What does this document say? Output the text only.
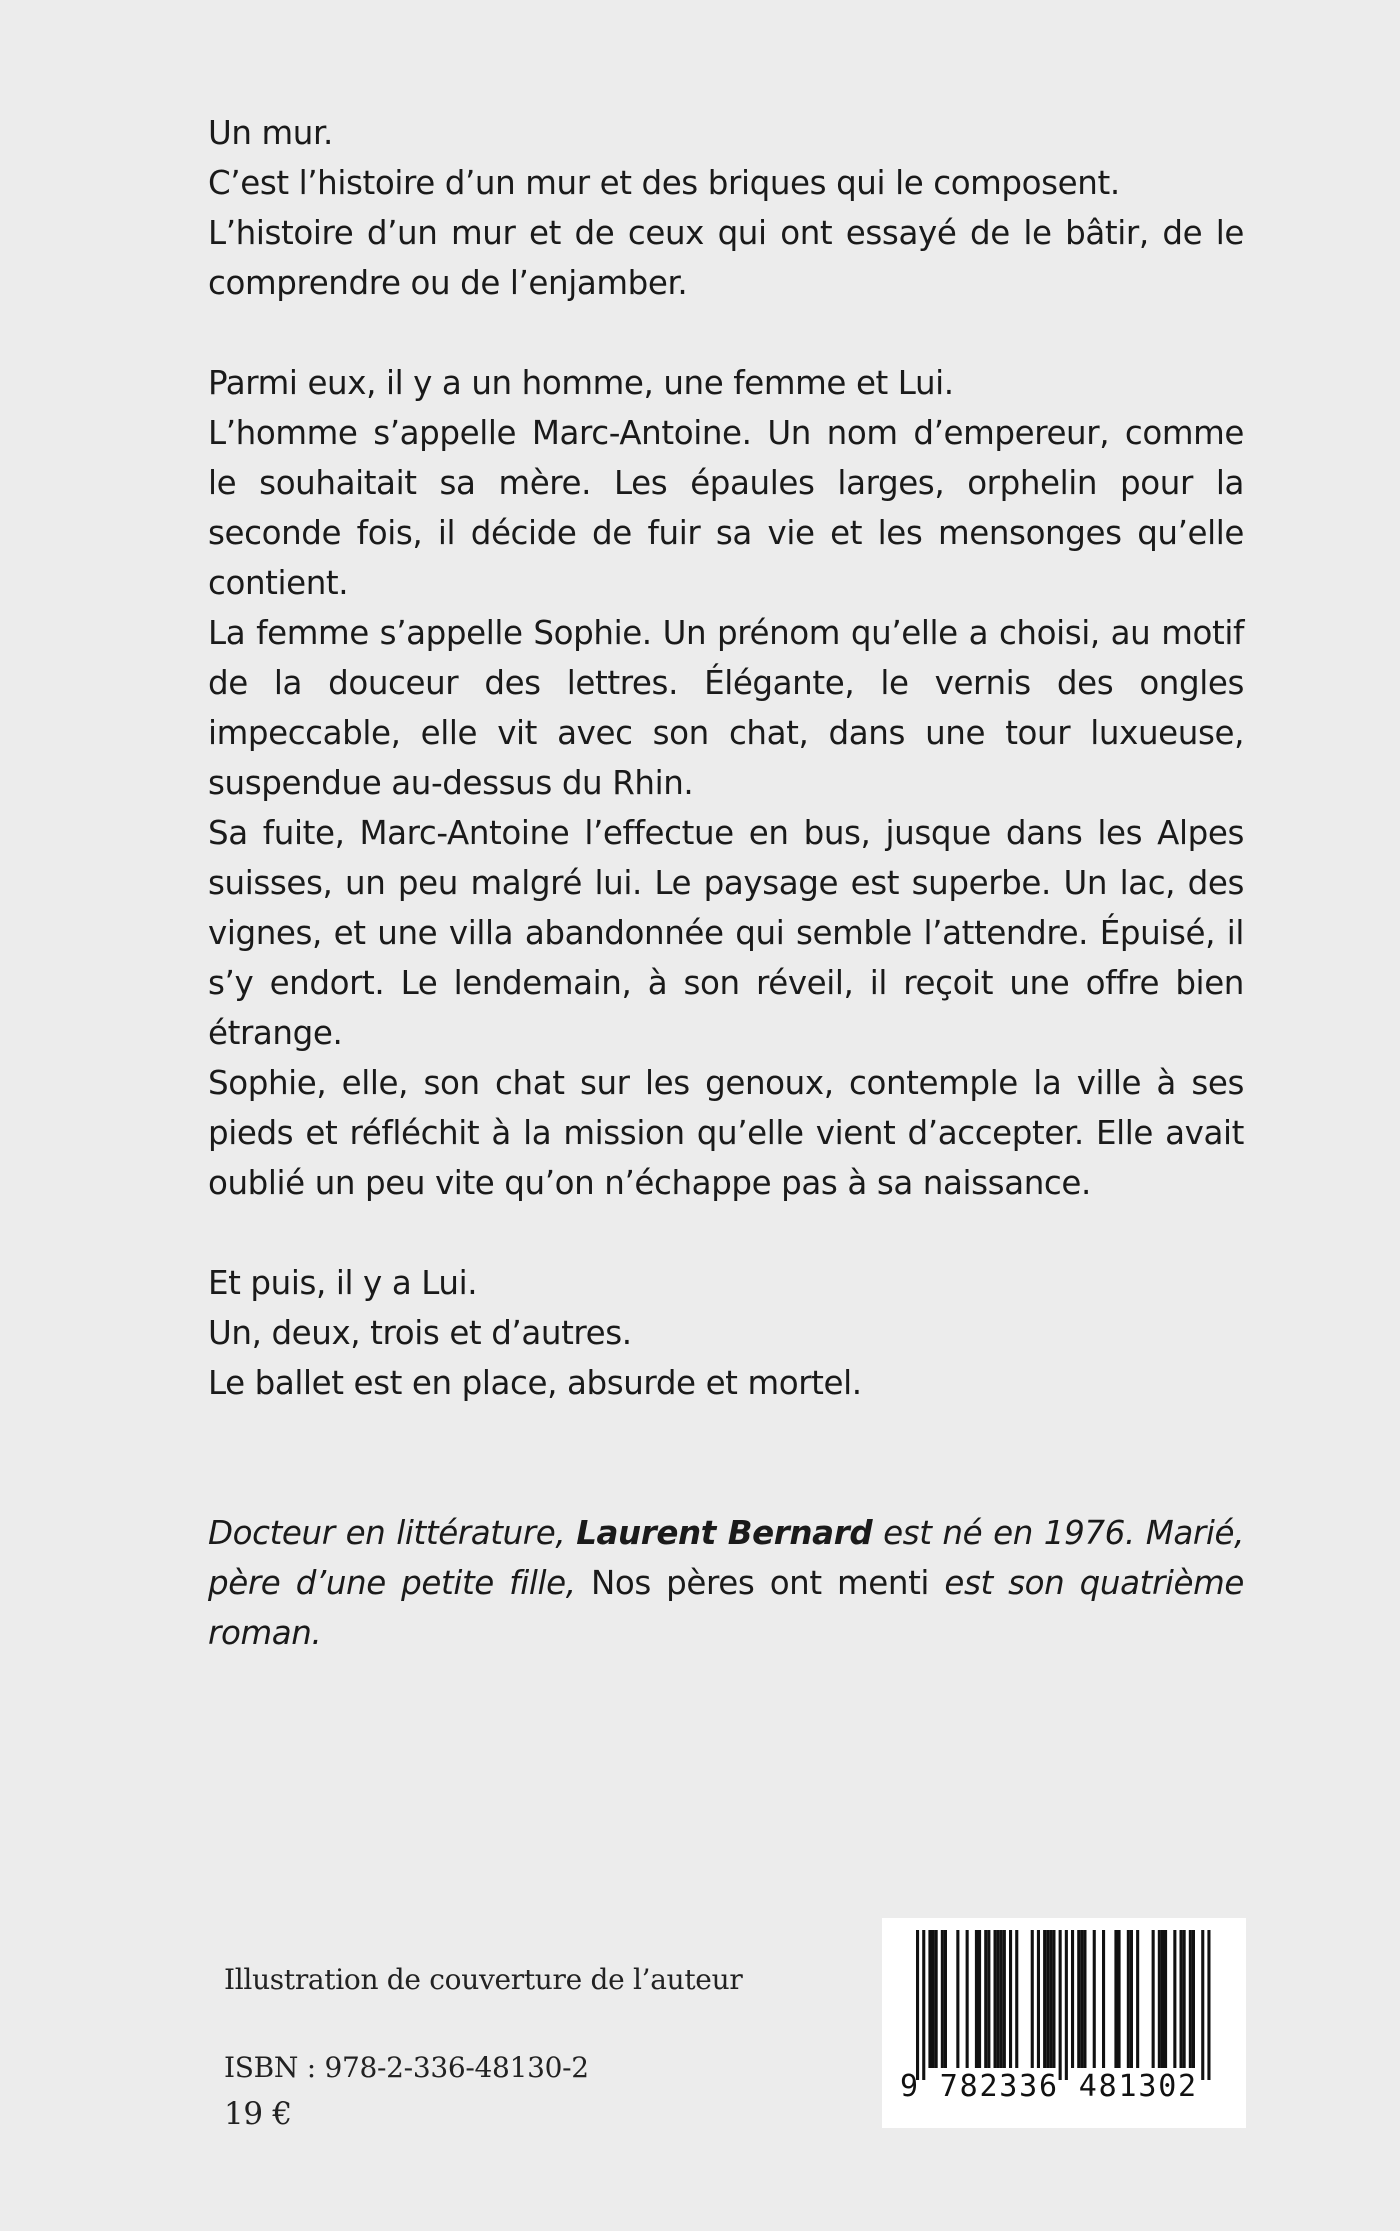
Un mur.

C’est l’histoire d’un mur et des briques qui le composent.

L’histoire d’un mur et de ceux qui ont essayé de le bâtir, de le comprendre ou de l’enjamber.

Parmi eux, il y a un homme, une femme et Lui.

L’homme s’appelle Marc-Antoine. Un nom d’empereur, comme le souhaitait sa mère. Les épaules larges, orphelin pour la seconde fois, il décide de fuir sa vie et les mensonges qu’elle contient.

La femme s’appelle Sophie. Un prénom qu’elle a choisi, au motif de la douceur des lettres. Élégante, le vernis des ongles impeccable, elle vit avec son chat, dans une tour luxueuse, suspendue au-dessus du Rhin.

Sa fuite, Marc-Antoine l’effectue en bus, jusque dans les Alpes suisses, un peu malgré lui. Le paysage est superbe. Un lac, des vignes, et une villa abandonnée qui semble l’attendre. Épuisé, il s’y endort. Le lendemain, à son réveil, il reçoit une offre bien étrange.

Sophie, elle, son chat sur les genoux, contemple la ville à ses pieds et réfléchit à la mission qu’elle vient d’accepter. Elle avait oublié un peu vite qu’on n’échappe pas à sa naissance.

Et puis, il y a Lui.

Un, deux, trois et d’autres.

Le ballet est en place, absurde et mortel.

Docteur en littérature, Laurent Bernard est né en 1976. Marié, père d’une petite fille, Nos pères ont menti est son quatrième roman.

Illustration de couverture de l’auteur
ISBN : 978-2-336-48130-2
19 €
9 782336 481302
